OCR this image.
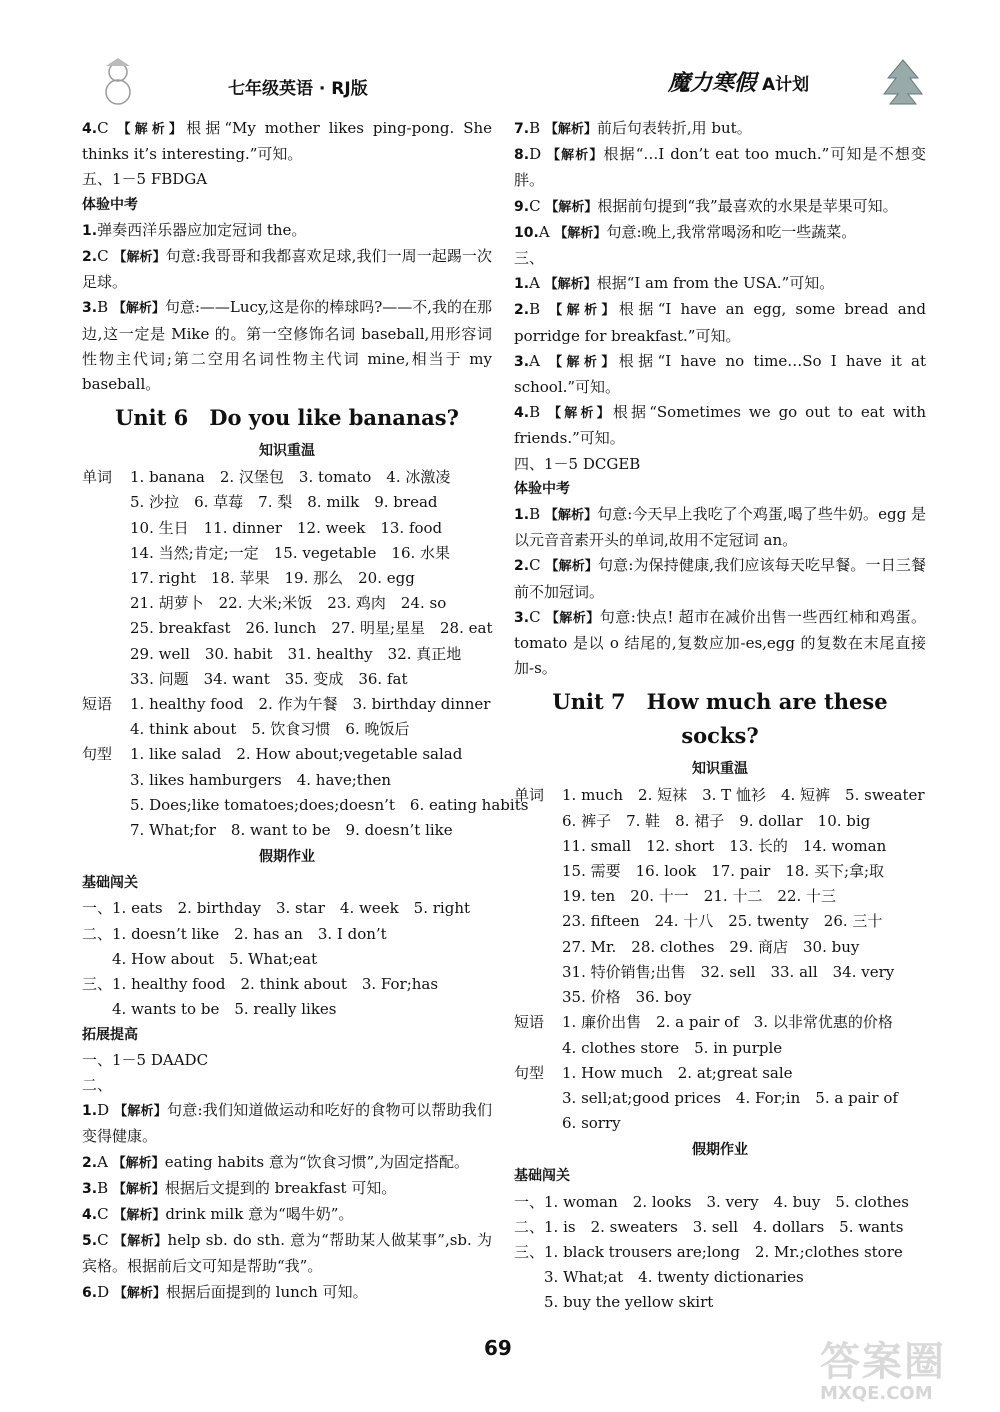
七年级英语 · RJ版	魔力寒假 A计划
4.C 【解析】根据“My mother likes ping-pong. She thinks it’s interesting.”可知。
五、1－5 FBDGA
体验中考
1.弹奏西洋乐器应加定冠词 the。
2.C 【解析】句意:我哥哥和我都喜欢足球,我们一周一起踢一次足球。
3.B 【解析】句意:——Lucy,这是你的棒球吗?——不,我的在那边,这一定是 Mike 的。第一空修饰名词 baseball,用形容词性物主代词;第二空用名词性物主代词 mine,相当于 my baseball。
Unit 6　Do you like bananas?
知识重温
单词	1. banana　2. 汉堡包　3. tomato　4. 冰激凌
5. 沙拉　6. 草莓　7. 梨　8. milk　9. bread
10. 生日　11. dinner　12. week　13. food
14. 当然;肯定;一定　15. vegetable　16. 水果
17. right　18. 苹果　19. 那么　20. egg
21. 胡萝卜　22. 大米;米饭　23. 鸡肉　24. so
25. breakfast　26. lunch　27. 明星;星星　28. eat
29. well　30. habit　31. healthy　32. 真正地
33. 问题　34. want　35. 变成　36. fat
短语	1. healthy food　2. 作为午餐　3. birthday dinner
4. think about　5. 饮食习惯　6. 晚饭后
句型	1. like salad　2. How about;vegetable salad
3. likes hamburgers　4. have;then
5. Does;like tomatoes;does;doesn’t　6. eating habits
7. What;for　8. want to be　9. doesn’t like
假期作业
基础闯关
一、1. eats　2. birthday　3. star　4. week　5. right
二、1. doesn’t like　2. has an　3. I don’t
　　4. How about　5. What;eat
三、1. healthy food　2. think about　3. For;has
　　4. wants to be　5. really likes
拓展提高
一、1－5 DAADC
二、
1.D 【解析】句意:我们知道做运动和吃好的食物可以帮助我们变得健康。
2.A 【解析】eating habits 意为“饮食习惯”,为固定搭配。
3.B 【解析】根据后文提到的 breakfast 可知。
4.C 【解析】drink milk 意为“喝牛奶”。
5.C 【解析】help sb. do sth. 意为“帮助某人做某事”,sb. 为宾格。根据前后文可知是帮助“我”。
6.D 【解析】根据后面提到的 lunch 可知。
7.B 【解析】前后句表转折,用 but。
8.D 【解析】根据“…I don’t eat too much.”可知是不想变胖。
9.C 【解析】根据前句提到“我”最喜欢的水果是苹果可知。
10.A 【解析】句意:晚上,我常常喝汤和吃一些蔬菜。
三、
1.A 【解析】根据“I am from the USA.”可知。
2.B 【解析】根据“I have an egg, some bread and porridge for breakfast.”可知。
3.A 【解析】根据“I have no time…So I have it at school.”可知。
4.B 【解析】根据“Sometimes we go out to eat with friends.”可知。
四、1－5 DCGEB
体验中考
1.B 【解析】句意:今天早上我吃了个鸡蛋,喝了些牛奶。egg 是以元音音素开头的单词,故用不定冠词 an。
2.C 【解析】句意:为保持健康,我们应该每天吃早餐。一日三餐前不加冠词。
3.C 【解析】句意:快点! 超市在减价出售一些西红柿和鸡蛋。tomato 是以 o 结尾的,复数应加-es,egg 的复数在末尾直接加-s。
Unit 7　How much are these socks?
知识重温
单词	1. much　2. 短袜　3. T 恤衫　4. 短裤　5. sweater
6. 裤子　7. 鞋　8. 裙子　9. dollar　10. big
11. small　12. short　13. 长的　14. woman
15. 需要　16. look　17. pair　18. 买下;拿;取
19. ten　20. 十一　21. 十二　22. 十三
23. fifteen　24. 十八　25. twenty　26. 三十
27. Mr.　28. clothes　29. 商店　30. buy
31. 特价销售;出售　32. sell　33. all　34. very
35. 价格　36. boy
短语	1. 廉价出售　2. a pair of　3. 以非常优惠的价格
4. clothes store　5. in purple
句型	1. How much　2. at;great sale
3. sell;at;good prices　4. For;in　5. a pair of
6. sorry
假期作业
基础闯关
一、1. woman　2. looks　3. very　4. buy　5. clothes
二、1. is　2. sweaters　3. sell　4. dollars　5. wants
三、1. black trousers are;long　2. Mr.;clothes store
　　3. What;at　4. twenty dictionaries
　　5. buy the yellow skirt
69	答案圈
MXQE.COM
